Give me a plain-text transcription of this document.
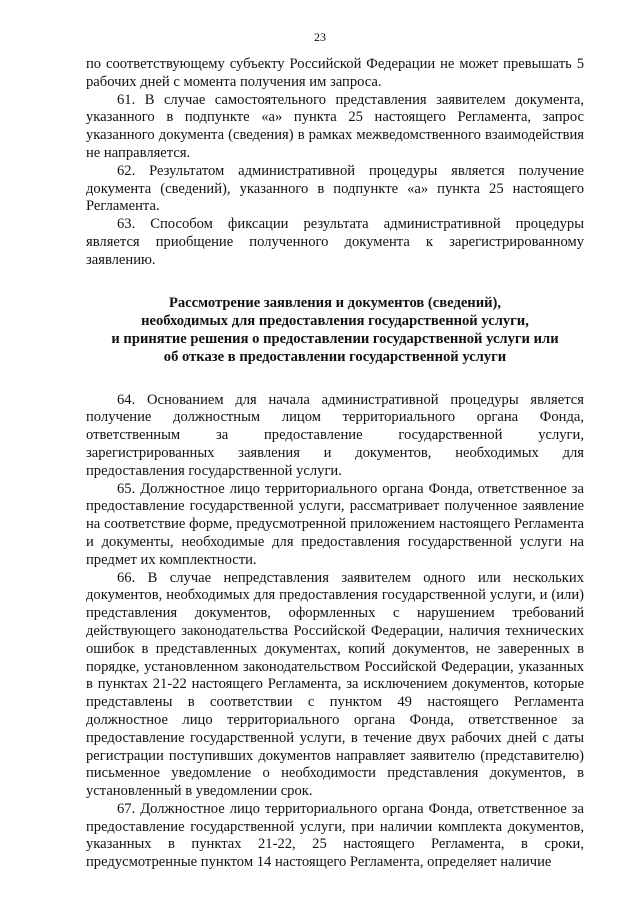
23

по соответствующему субъекту Российской Федерации не может превышать 5 рабочих дней с момента получения им запроса.

61. В случае самостоятельного представления заявителем документа, указанного в подпункте «а» пункта 25 настоящего Регламента, запрос указанного документа (сведения) в рамках межведомственного взаимодействия не направляется.

62. Результатом административной процедуры является получение документа (сведений), указанного в подпункте «а» пункта 25 настоящего Регламента.

63. Способом фиксации результата административной процедуры является приобщение полученного документа к зарегистрированному заявлению.

Рассмотрение заявления и документов (сведений),
необходимых для предоставления государственной услуги,
и принятие решения о предоставлении государственной услуги или
об отказе в предоставлении государственной услуги

64. Основанием для начала административной процедуры является получение должностным лицом территориального органа Фонда, ответственным за предоставление государственной услуги, зарегистрированных заявления и документов, необходимых для предоставления государственной услуги.

65. Должностное лицо территориального органа Фонда, ответственное за предоставление государственной услуги, рассматривает полученное заявление на соответствие форме, предусмотренной приложением настоящего Регламента и документы, необходимые для предоставления государственной услуги на предмет их комплектности.

66. В случае непредставления заявителем одного или нескольких документов, необходимых для предоставления государственной услуги, и (или) представления документов, оформленных с нарушением требований действующего законодательства Российской Федерации, наличия технических ошибок в представленных документах, копий документов, не заверенных в порядке, установленном законодательством Российской Федерации, указанных в пунктах 21-22 настоящего Регламента, за исключением документов, которые представлены в соответствии с пунктом 49 настоящего Регламента должностное лицо территориального органа Фонда, ответственное за предоставление государственной услуги, в течение двух рабочих дней с даты регистрации поступивших документов направляет заявителю (представителю) письменное уведомление о необходимости представления документов, в установленный в уведомлении срок.

67. Должностное лицо территориального органа Фонда, ответственное за предоставление государственной услуги, при наличии комплекта документов, указанных в пунктах 21-22, 25 настоящего Регламента, в сроки, предусмотренные пунктом 14 настоящего Регламента, определяет наличие
